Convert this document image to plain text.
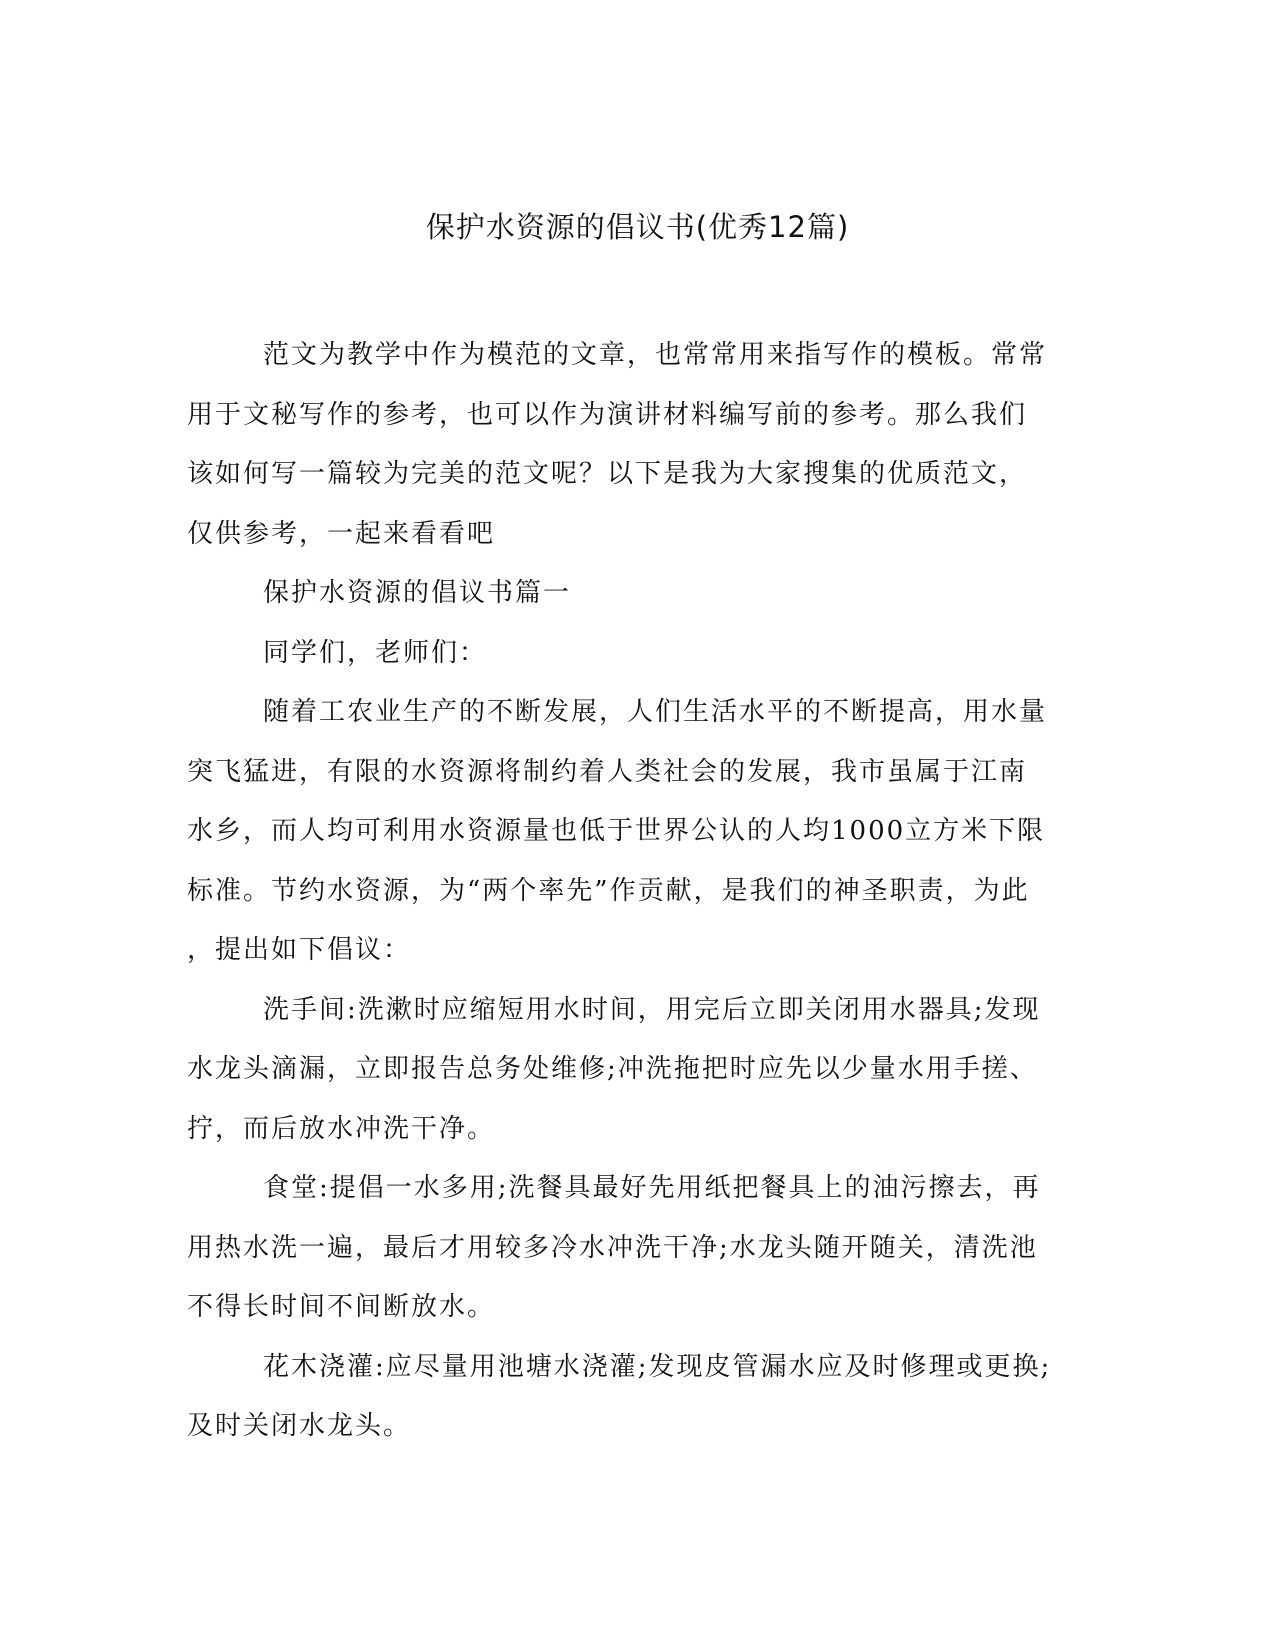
保护水资源的倡议书(优秀12篇)

范文为教学中作为模范的文章，也常常用来指写作的模板。常常

用于文秘写作的参考，也可以作为演讲材料编写前的参考。那么我们

该如何写一篇较为完美的范文呢？以下是我为大家搜集的优质范文，

仅供参考，一起来看看吧

保护水资源的倡议书篇一

同学们，老师们：

随着工农业生产的不断发展，人们生活水平的不断提高，用水量

突飞猛进，有限的水资源将制约着人类社会的发展，我市虽属于江南

水乡，而人均可利用水资源量也低于世界公认的人均1000立方米下限

标准。节约水资源，为“两个率先”作贡献，是我们的神圣职责，为此

，提出如下倡议：

洗手间:洗漱时应缩短用水时间，用完后立即关闭用水器具;发现

水龙头滴漏，立即报告总务处维修;冲洗拖把时应先以少量水用手搓、

拧，而后放水冲洗干净。

食堂:提倡一水多用;洗餐具最好先用纸把餐具上的油污擦去，再

用热水洗一遍，最后才用较多冷水冲洗干净;水龙头随开随关，清洗池

不得长时间不间断放水。

花木浇灌:应尽量用池塘水浇灌;发现皮管漏水应及时修理或更换;

及时关闭水龙头。
